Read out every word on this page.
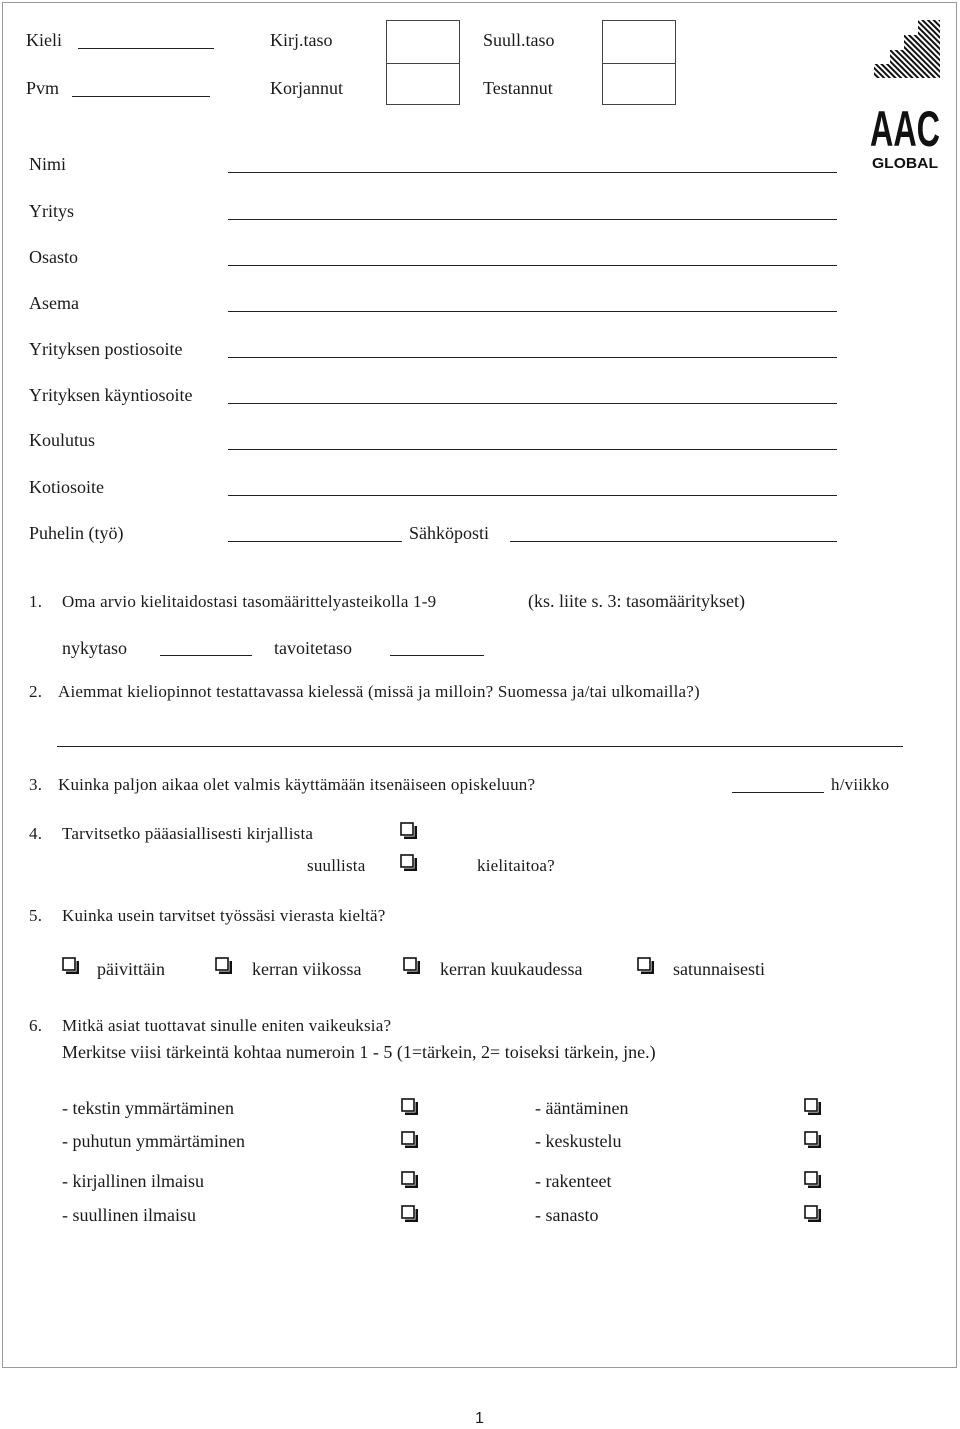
Kieli	Kirj.taso	Suull.taso
Pvm	Korjannut	Testannut
AAC
GLOBAL
Nimi
Yritys
Osasto
Asema
Yrityksen postiosoite
Yrityksen käyntiosoite
Koulutus
Kotiosoite
Puhelin (työ)	Sähköposti
1. Oma arvio kielitaidostasi tasomäärittelyasteikolla 1-9	(ks. liite s. 3: tasomääritykset)
nykytaso	tavoitetaso
2. Aiemmat kieliopinnot testattavassa kielessä (missä ja milloin? Suomessa ja/tai ulkomailla?)
3. Kuinka paljon aikaa olet valmis käyttämään itsenäiseen opiskeluun?	h/viikko
4. Tarvitsetko pääasiallisesti kirjallista
suullista	kielitaitoa?
5. Kuinka usein tarvitset työssäsi vierasta kieltä?
päivittäin	kerran viikossa	kerran kuukaudessa	satunnaisesti
6. Mitkä asiat tuottavat sinulle eniten vaikeuksia?
Merkitse viisi tärkeintä kohtaa numeroin 1 - 5 (1=tärkein, 2= toiseksi tärkein, jne.)
- tekstin ymmärtäminen	- ääntäminen
- puhutun ymmärtäminen	- keskustelu
- kirjallinen ilmaisu	- rakenteet
- suullinen ilmaisu	- sanasto
1
